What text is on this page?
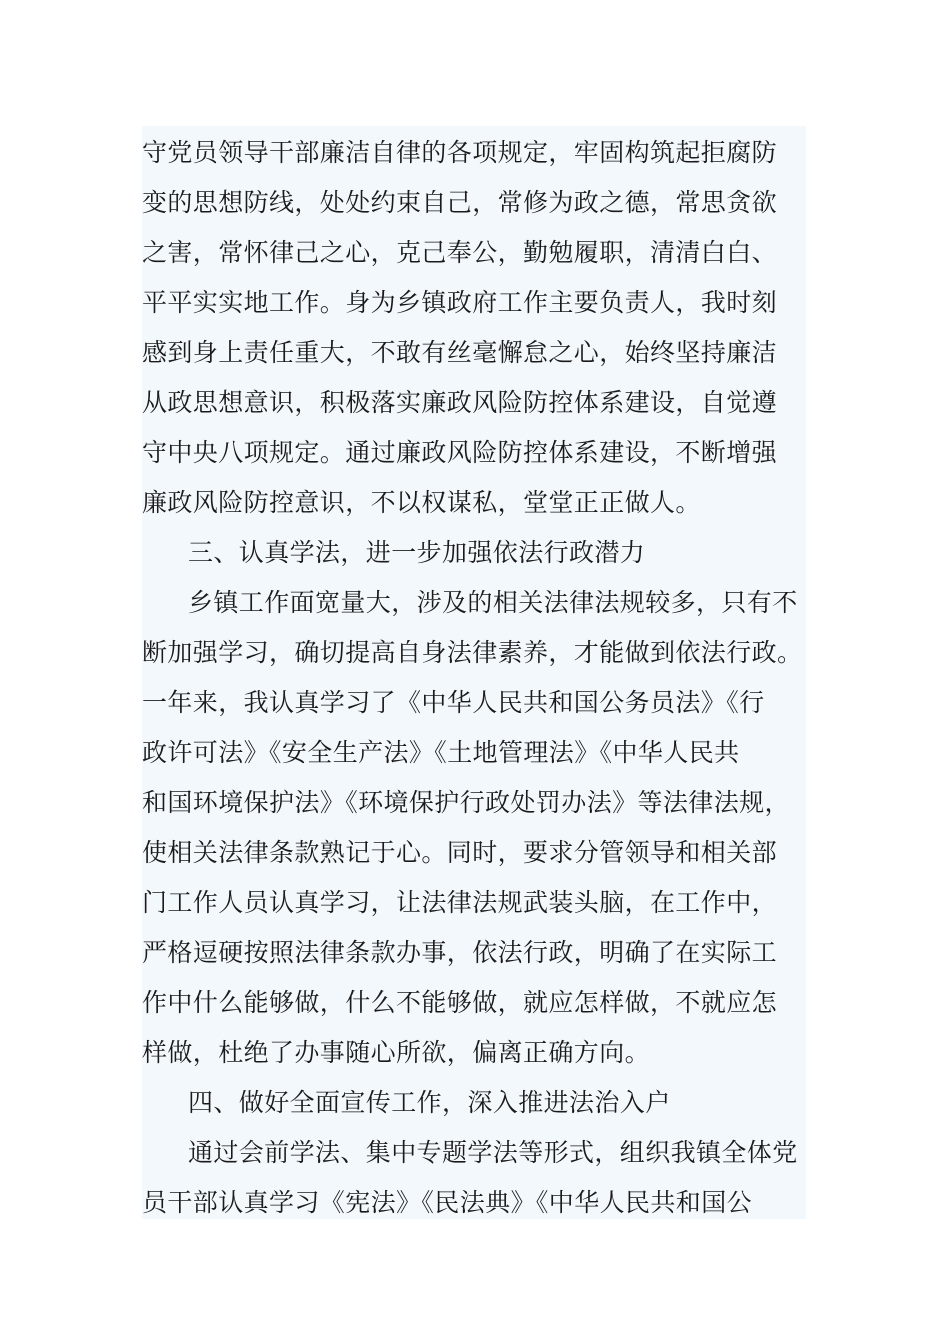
守党员领导干部廉洁自律的各项规定，牢固构筑起拒腐防
变的思想防线，处处约束自己，常修为政之德，常思贪欲
之害，常怀律己之心，克己奉公，勤勉履职，清清白白、
平平实实地工作。身为乡镇政府工作主要负责人，我时刻
感到身上责任重大，不敢有丝毫懈怠之心，始终坚持廉洁
从政思想意识，积极落实廉政风险防控体系建设，自觉遵
守中央八项规定。通过廉政风险防控体系建设，不断增强
廉政风险防控意识，不以权谋私，堂堂正正做人。
三、认真学法，进一步加强依法行政潜力
乡镇工作面宽量大，涉及的相关法律法规较多，只有不
断加强学习，确切提高自身法律素养，才能做到依法行政。
一年来，我认真学习了《中华人民共和国公务员法》《行
政许可法》《安全生产法》《土地管理法》《中华人民共
和国环境保护法》《环境保护行政处罚办法》等法律法规，
使相关法律条款熟记于心。同时，要求分管领导和相关部
门工作人员认真学习，让法律法规武装头脑，在工作中，
严格逗硬按照法律条款办事，依法行政，明确了在实际工
作中什么能够做，什么不能够做，就应怎样做，不就应怎
样做，杜绝了办事随心所欲，偏离正确方向。
四、做好全面宣传工作，深入推进法治入户
通过会前学法、集中专题学法等形式，组织我镇全体党
员干部认真学习《宪法》《民法典》《中华人民共和国公
